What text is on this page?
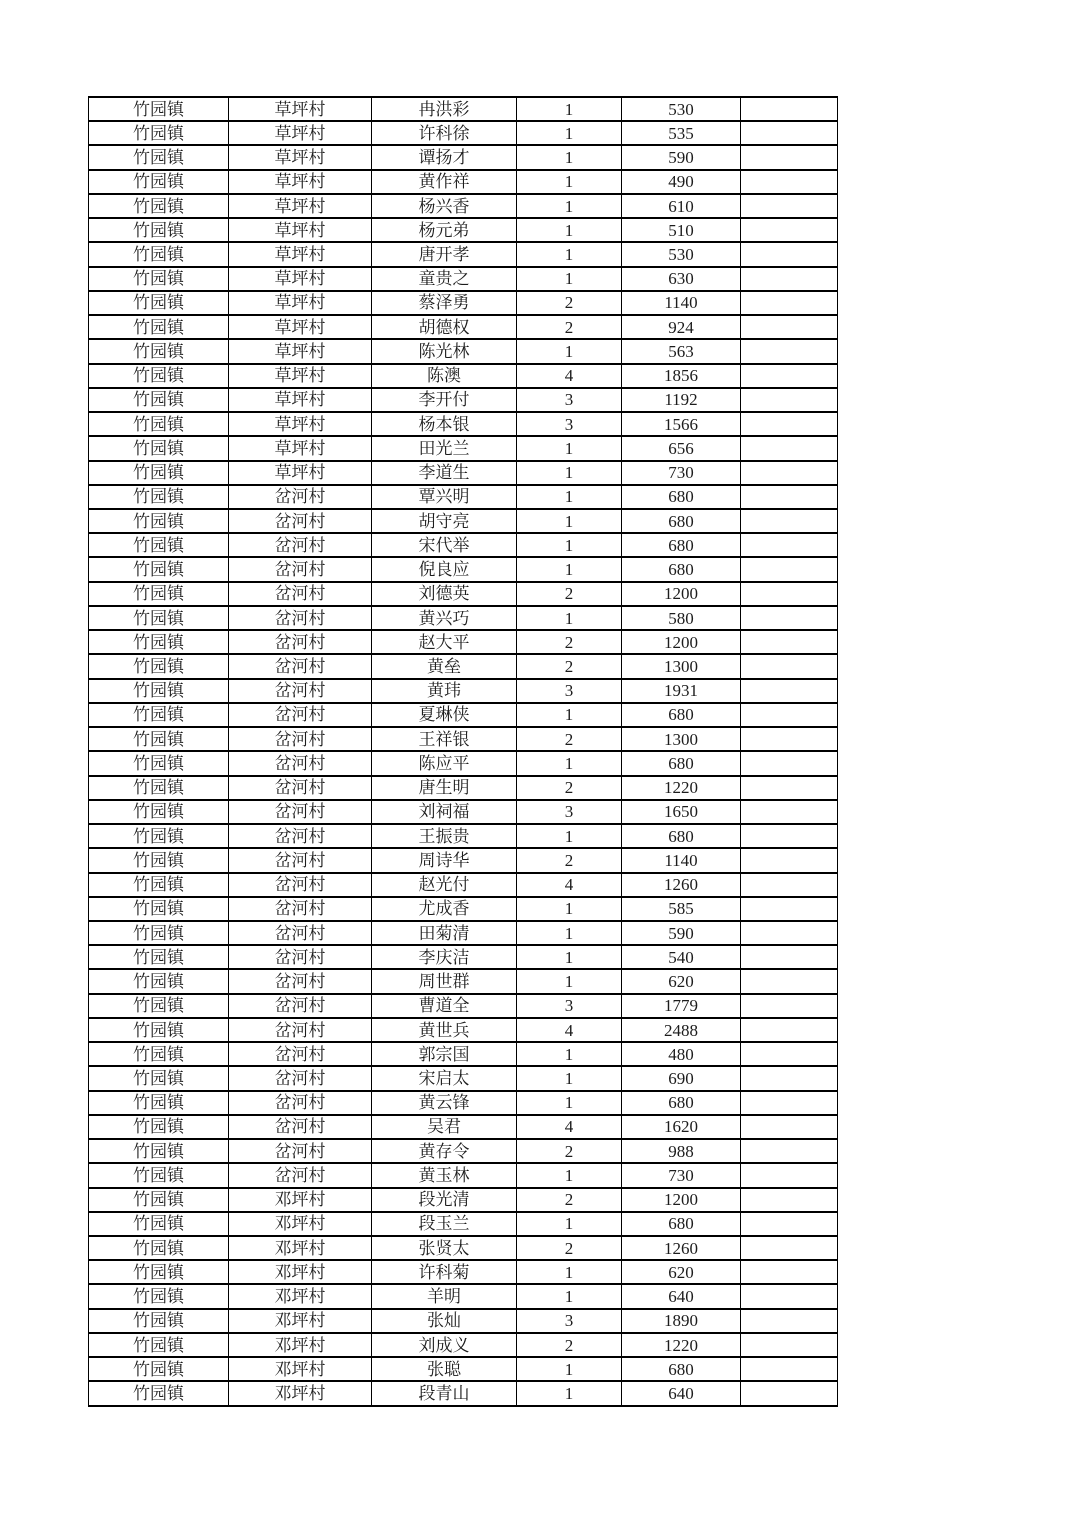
竹园镇	草坪村	冉洪彩	1	530	
竹园镇	草坪村	许科徐	1	535	
竹园镇	草坪村	谭扬才	1	590	
竹园镇	草坪村	黄作祥	1	490	
竹园镇	草坪村	杨兴香	1	610	
竹园镇	草坪村	杨元弟	1	510	
竹园镇	草坪村	唐开孝	1	530	
竹园镇	草坪村	童贵之	1	630	
竹园镇	草坪村	蔡泽勇	2	1140	
竹园镇	草坪村	胡德权	2	924	
竹园镇	草坪村	陈光林	1	563	
竹园镇	草坪村	陈澳	4	1856	
竹园镇	草坪村	李开付	3	1192	
竹园镇	草坪村	杨本银	3	1566	
竹园镇	草坪村	田光兰	1	656	
竹园镇	草坪村	李道生	1	730	
竹园镇	岔河村	覃兴明	1	680	
竹园镇	岔河村	胡守亮	1	680	
竹园镇	岔河村	宋代举	1	680	
竹园镇	岔河村	倪良应	1	680	
竹园镇	岔河村	刘德英	2	1200	
竹园镇	岔河村	黄兴巧	1	580	
竹园镇	岔河村	赵大平	2	1200	
竹园镇	岔河村	黄垒	2	1300	
竹园镇	岔河村	黄玮	3	1931	
竹园镇	岔河村	夏琳侠	1	680	
竹园镇	岔河村	王祥银	2	1300	
竹园镇	岔河村	陈应平	1	680	
竹园镇	岔河村	唐生明	2	1220	
竹园镇	岔河村	刘祠福	3	1650	
竹园镇	岔河村	王振贵	1	680	
竹园镇	岔河村	周诗华	2	1140	
竹园镇	岔河村	赵光付	4	1260	
竹园镇	岔河村	尤成香	1	585	
竹园镇	岔河村	田菊清	1	590	
竹园镇	岔河村	李庆洁	1	540	
竹园镇	岔河村	周世群	1	620	
竹园镇	岔河村	曹道全	3	1779	
竹园镇	岔河村	黄世兵	4	2488	
竹园镇	岔河村	郭宗国	1	480	
竹园镇	岔河村	宋启太	1	690	
竹园镇	岔河村	黄云锋	1	680	
竹园镇	岔河村	吴君	4	1620	
竹园镇	岔河村	黄存令	2	988	
竹园镇	岔河村	黄玉林	1	730	
竹园镇	邓坪村	段光清	2	1200	
竹园镇	邓坪村	段玉兰	1	680	
竹园镇	邓坪村	张贤太	2	1260	
竹园镇	邓坪村	许科菊	1	620	
竹园镇	邓坪村	羊明	1	640	
竹园镇	邓坪村	张灿	3	1890	
竹园镇	邓坪村	刘成义	2	1220	
竹园镇	邓坪村	张聪	1	680	
竹园镇	邓坪村	段青山	1	640	
